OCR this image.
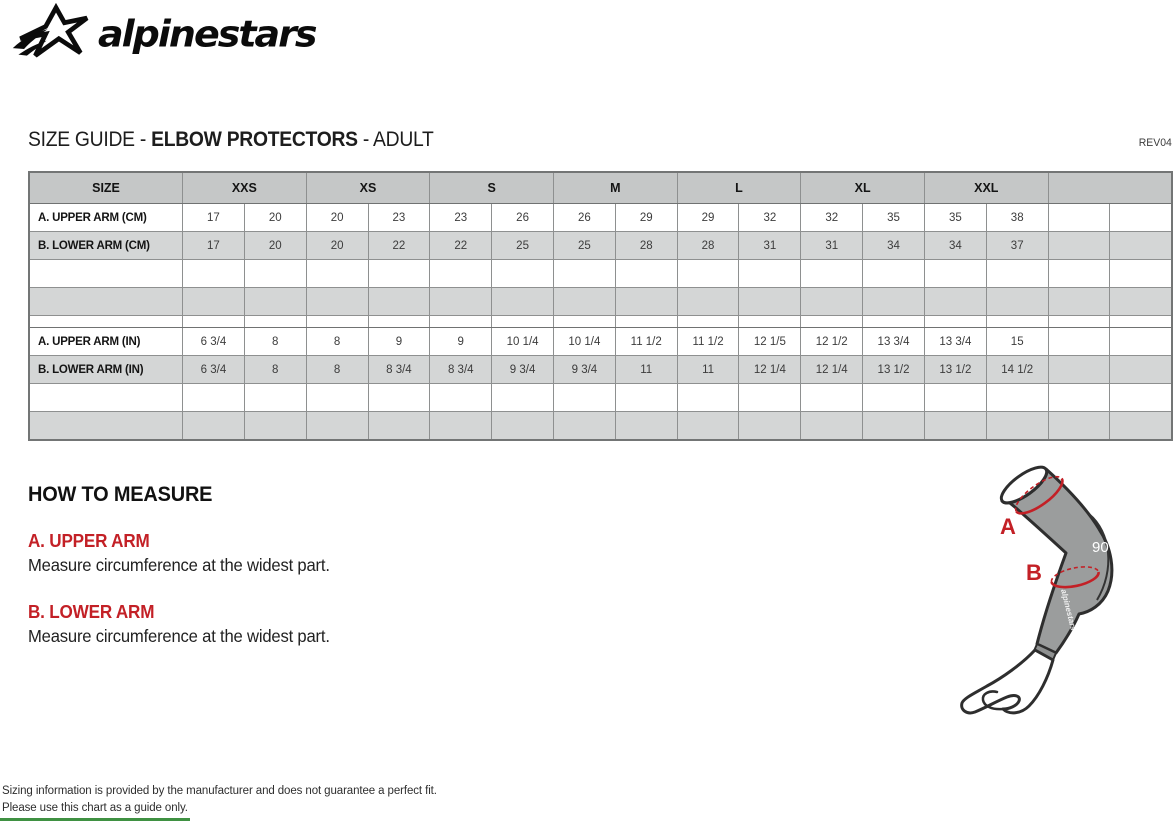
alpinestars
SIZE GUIDE - ELBOW PROTECTORS - ADULT	REV04
SIZE	XXS		XS		S		M		L		XL		XXL			
A. UPPER ARM (CM)	17	20	20	23	23	26	26	29	29	32	32	35	35	38		
B. LOWER ARM (CM)	17	20	20	22	22	25	25	28	28	31	31	34	34	37		

A. UPPER ARM (IN)	6 3/4	8	8	9	9	10 1/4	10 1/4	11 1/2	11 1/2	12 1/5	12 1/2	13 3/4	13 3/4	15		
B. LOWER ARM (IN)	6 3/4	8	8	8 3/4	8 3/4	9 3/4	9 3/4	11	11	12 1/4	12 1/4	13 1/2	13 1/2	14 1/2		

HOW TO MEASURE
A. UPPER ARM
Measure circumference at the widest part.
B. LOWER ARM
Measure circumference at the widest part.
A
B
90°
alpinestars
Sizing information is provided by the manufacturer and does not guarantee a perfect fit.
Please use this chart as a guide only.
